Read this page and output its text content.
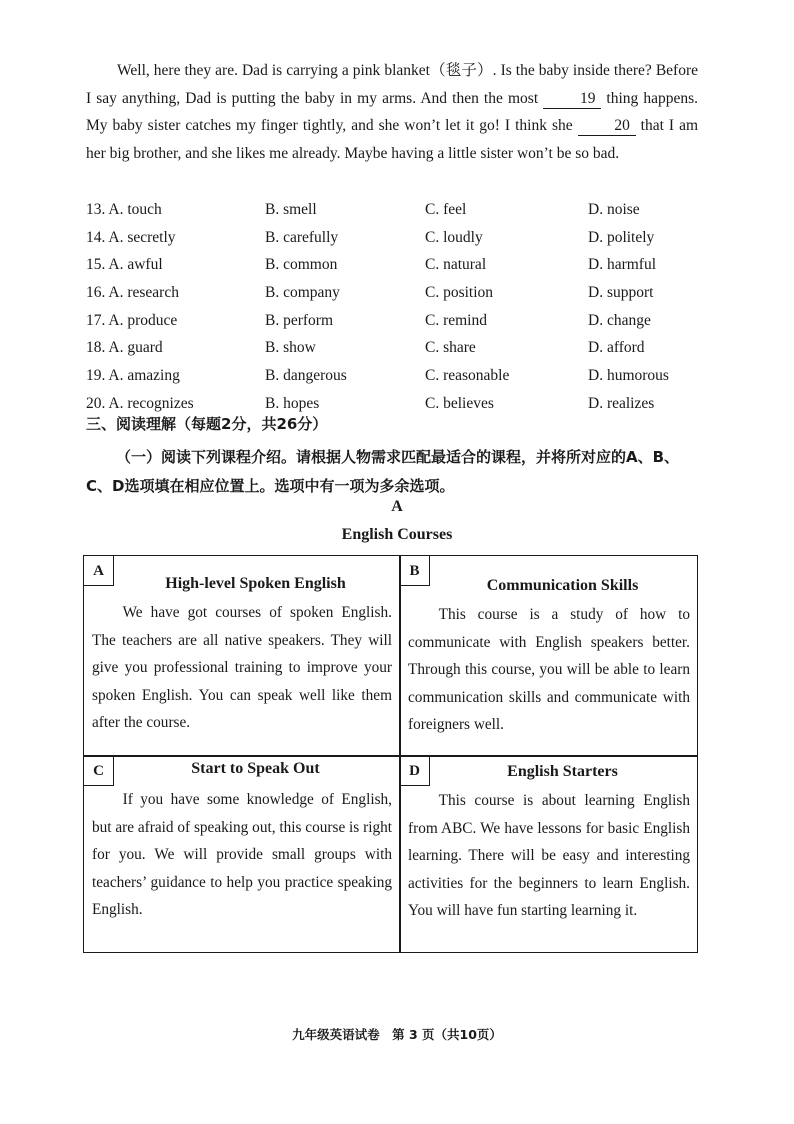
Well, here they are. Dad is carrying a pink blanket（毯子）. Is the baby inside there? Before I say anything, Dad is putting the baby in my arms. And then the most	19 thing happens. My baby sister catches my finger tightly, and she won’t let it go! I think she	20 that I am her big brother, and she likes me already. Maybe having a little sister won’t be so bad.

13. A. touch	B. smell	C. feel	D. noise
14. A. secretly	B. carefully	C. loudly	D. politely
15. A. awful	B. common	C. natural	D. harmful
16. A. research	B. company	C. position	D. support
17. A. produce	B. perform	C. remind	D. change
18. A. guard	B. show	C. share	D. afford
19. A. amazing	B. dangerous	C. reasonable	D. humorous
20. A. recognizes	B. hopes	C. believes	D. realizes
三、阅读理解（每题2分，共26分）

（一）阅读下列课程介绍。请根据人物需求匹配最适合的课程，并将所对应的A、B、C、D选项填在相应位置上。选项中有一项为多余选项。

A
English Courses
A
High-level Spoken English

We have got courses of spoken English. The teachers are all native speakers. They will give you professional training to improve your spoken English. You can speak well like them after the course.

B
Communication Skills

This course is a study of how to communicate with English speakers better. Through this course, you will be able to learn communication skills and communicate with foreigners well.

C	Start to Speak Out

If you have some knowledge of English, but are afraid of speaking out, this course is right for you. We will provide small groups with teachers’ guidance to help you practice speaking English.

D	English Starters

This course is about learning English from ABC. We have lessons for basic English learning. There will be easy and interesting activities for the beginners to learn English. You will have fun starting learning it.

九年级英语试卷　第 3 页（共10页）
